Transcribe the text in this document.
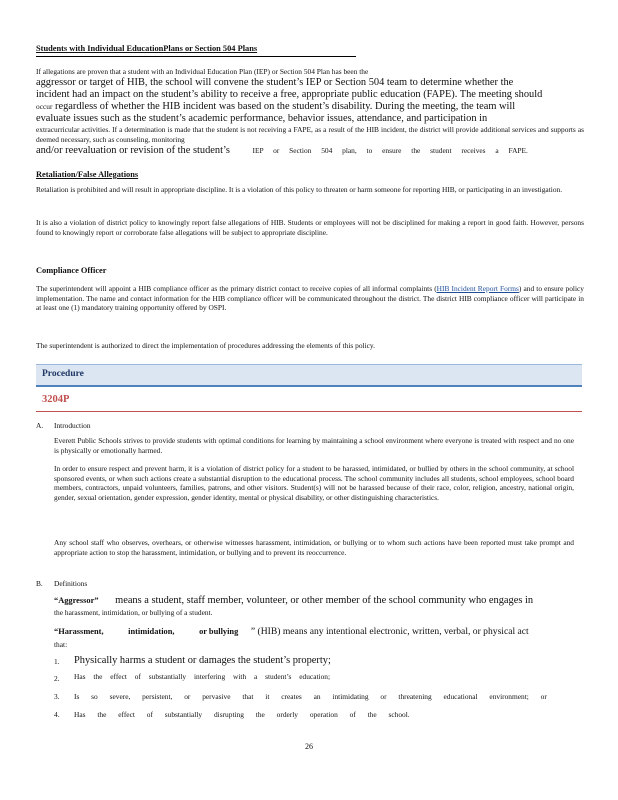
Students with Individual EducationPlans or Section 504 Plans
If allegations are proven that a student with an Individual Education Plan (IEP) or Section 504 Plan has been the
aggressor or target of HIB, the school will convene the student’s IEP or Section 504 team to determine whether the
incident had an impact on the student’s ability to receive a free, appropriate public education (FAPE). The meeting should
occur regardless of whether the HIB incident was based on the student’s disability. During the meeting, the team will
evaluate issues such as the student’s academic performance, behavior issues, attendance, and participation in
extracurricular activities. If a determination is made that the student is not receiving a FAPE, as a result of the HIB incident, the district will provide additional services and supports as deemed necessary, such as counseling, monitoring
and/or reevaluation or revision of the student’s	IEP or Section 504 plan, to ensure the student receives a FAPE.
Retaliation/False Allegations
Retaliation is prohibited and will result in appropriate discipline. It is a violation of this policy to threaten or harm someone for reporting HIB, or participating in an investigation.
It is also a violation of district policy to knowingly report false allegations of HIB. Students or employees will not be disciplined for making a report in good faith. However, persons found to knowingly report or corroborate false allegations will be subject to appropriate discipline.
Compliance Officer
The superintendent will appoint a HIB compliance officer as the primary district contact to receive copies of all informal complaints (HIB Incident Report Forms) and to ensure policy implementation. The name and contact information for the HIB compliance officer will be communicated throughout the district. The district HIB compliance officer will participate in at least one (1) mandatory training opportunity offered by OSPI.
The superintendent is authorized to direct the implementation of procedures addressing the elements of this policy.
Procedure
3204P
A. Introduction
Everett Public Schools strives to provide students with optimal conditions for learning by maintaining a school environment where everyone is treated with respect and no one is physically or emotionally harmed.
In order to ensure respect and prevent harm, it is a violation of district policy for a student to be harassed, intimidated, or bullied by others in the school community, at school sponsored events, or when such actions create a substantial disruption to the educational process. The school community includes all students, school employees, school board members, contractors, unpaid volunteers, families, patrons, and other visitors. Student(s) will not be harassed because of their race, color, religion, ancestry, national origin, gender, sexual orientation, gender expression, gender identity, mental or physical disability, or other distinguishing characteristics.
Any school staff who observes, overhears, or otherwise witnesses harassment, intimidation, or bullying or to whom such actions have been reported must take prompt and appropriate action to stop the harassment, intimidation, or bullying and to prevent its reoccurrence.
B. Definitions
“Aggressor” means a student, staff member, volunteer, or other member of the school community who engages in
the harassment, intimidation, or bullying of a student.
“Harassment,	intimidation,	or bullying ” (HIB) means any intentional electronic, written, verbal, or physical act
that:
1. Physically harms a student or damages the student’s property;
2. Has the effect of substantially interfering with a student’s education;
3. Is so severe, persistent, or pervasive that it creates an intimidating or threatening educational environment; or
4. Has the effect of substantially disrupting the orderly operation of the school.
26
